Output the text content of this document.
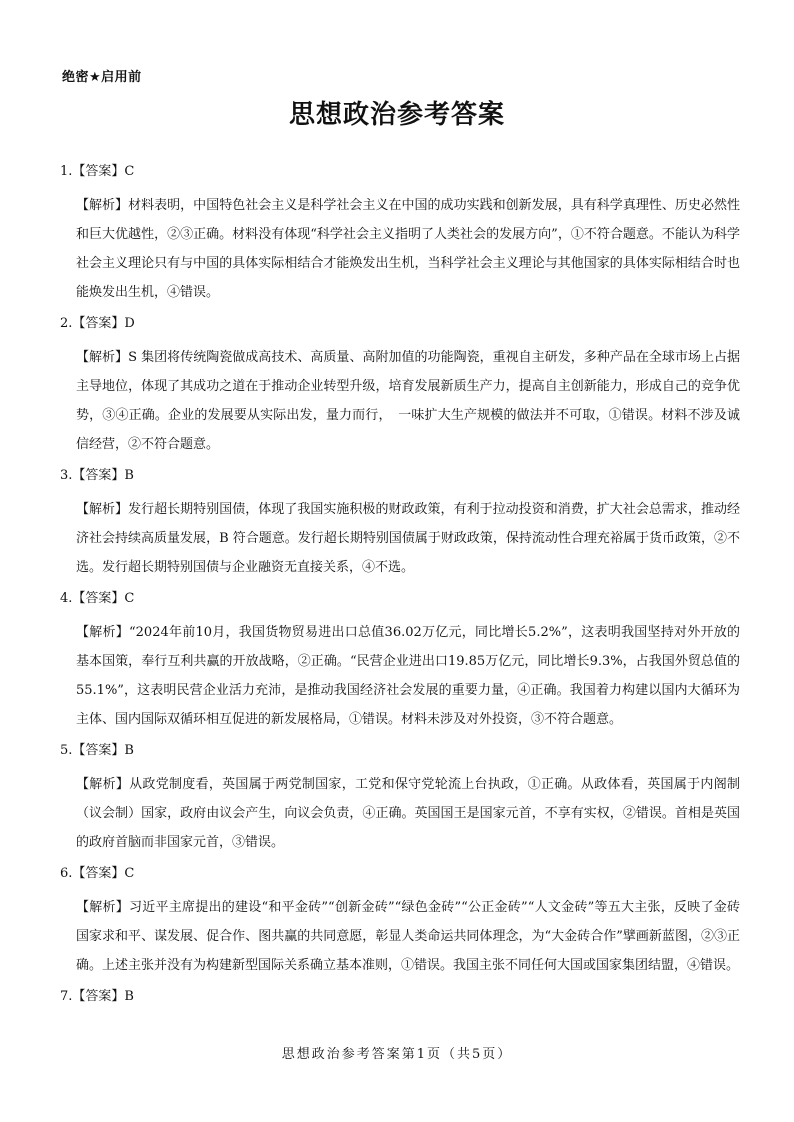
绝密★启用前
思想政治参考答案
1.【答案】C
【解析】材料表明，中国特色社会主义是科学社会主义在中国的成功实践和创新发展，具有科学真理性、历史必然性和巨大优越性，②③正确。材料没有体现“科学社会主义指明了人类社会的发展方向”，①不符合题意。不能认为科学社会主义理论只有与中国的具体实际相结合才能焕发出生机，当科学社会主义理论与其他国家的具体实际相结合时也能焕发出生机，④错误。
2.【答案】D
【解析】S 集团将传统陶瓷做成高技术、高质量、高附加值的功能陶瓷，重视自主研发，多种产品在全球市场上占据主导地位，体现了其成功之道在于推动企业转型升级，培育发展新质生产力，提高自主创新能力，形成自己的竞争优势，③④正确。企业的发展要从实际出发，量力而行，　一味扩大生产规模的做法并不可取，①错误。材料不涉及诚信经营，②不符合题意。
3.【答案】B
【解析】发行超长期特别国债，体现了我国实施积极的财政政策，有利于拉动投资和消费，扩大社会总需求，推动经济社会持续高质量发展，B 符合题意。发行超长期特别国债属于财政政策，保持流动性合理充裕属于货币政策，②不选。发行超长期特别国债与企业融资无直接关系，④不选。
4.【答案】C
【解析】“2024年前10月，我国货物贸易进出口总值36.02万亿元，同比增长5.2%”，这表明我国坚持对外开放的基本国策，奉行互利共赢的开放战略，②正确。“民营企业进出口19.85万亿元，同比增长9.3%，占我国外贸总值的55.1%”，这表明民营企业活力充沛，是推动我国经济社会发展的重要力量，④正确。我国着力构建以国内大循环为主体、国内国际双循环相互促进的新发展格局，①错误。材料未涉及对外投资，③不符合题意。
5.【答案】B
【解析】从政党制度看，英国属于两党制国家，工党和保守党轮流上台执政，①正确。从政体看，英国属于内阁制（议会制）国家，政府由议会产生，向议会负责，④正确。英国国王是国家元首，不享有实权，②错误。首相是英国的政府首脑而非国家元首，③错误。
6.【答案】C
【解析】习近平主席提出的建设“和平金砖”“创新金砖”“绿色金砖”“公正金砖”“人文金砖”等五大主张，反映了金砖国家求和平、谋发展、促合作、图共赢的共同意愿，彰显人类命运共同体理念，为“大金砖合作”擘画新蓝图，②③正确。上述主张并没有为构建新型国际关系确立基本准则，①错误。我国主张不同任何大国或国家集团结盟，④错误。
7.【答案】B
思想政治参考答案第1页（共5页）
